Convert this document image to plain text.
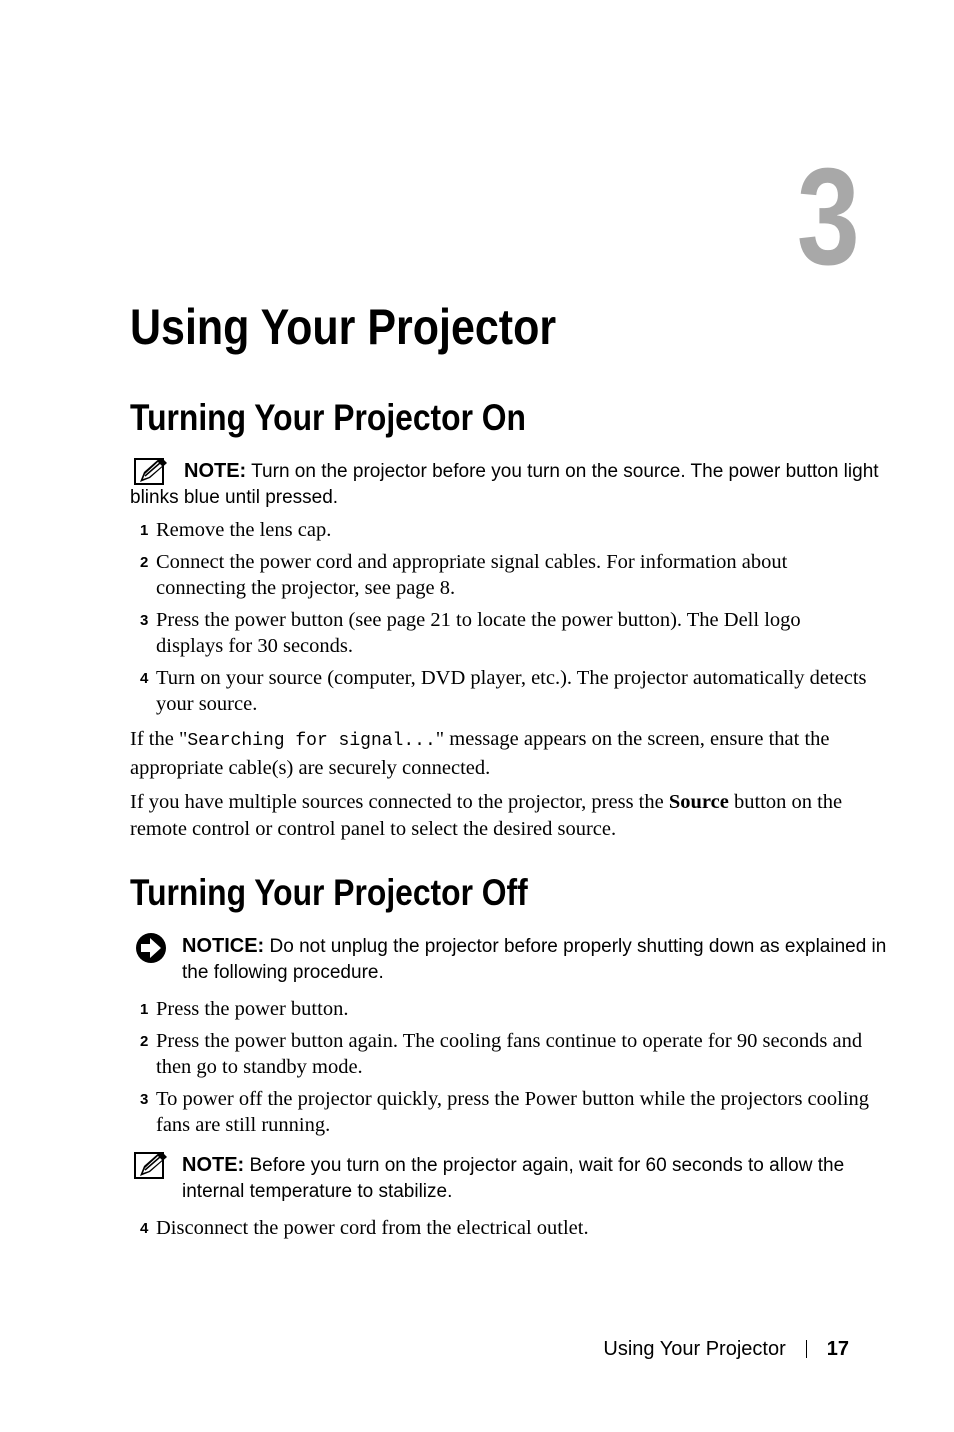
3
Using Your Projector
Turning Your Projector On
NOTE: Turn on the projector before you turn on the source. The power button light blinks blue until pressed.
1 Remove the lens cap.
2 Connect the power cord and appropriate signal cables. For information about connecting the projector, see page 8.
3 Press the power button (see page 21 to locate the power button). The Dell logo displays for 30 seconds.
4 Turn on your source (computer, DVD player, etc.). The projector automatically detects your source.

If the "Searching for signal..." message appears on the screen, ensure that the appropriate cable(s) are securely connected.

If you have multiple sources connected to the projector, press the Source button on the remote control or control panel to select the desired source.

Turning Your Projector Off
NOTICE: Do not unplug the projector before properly shutting down as explained in the following procedure.
1 Press the power button.
2 Press the power button again. The cooling fans continue to operate for 90 seconds and then go to standby mode.
3 To power off the projector quickly, press the Power button while the projectors cooling fans are still running.
NOTE: Before you turn on the projector again, wait for 60 seconds to allow the internal temperature to stabilize.
4 Disconnect the power cord from the electrical outlet.
Using Your Projector 17
